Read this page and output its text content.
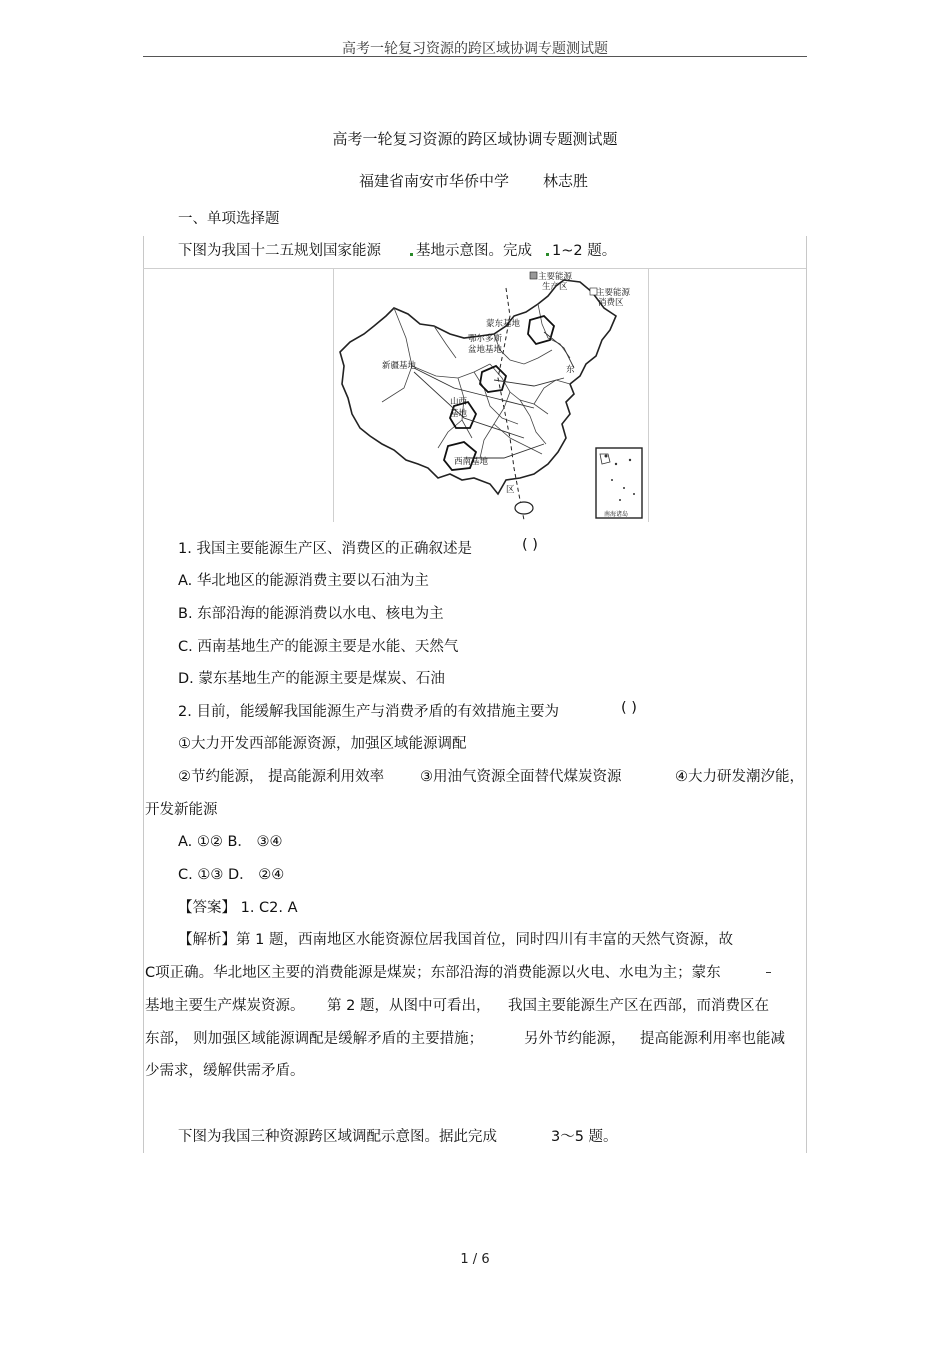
高考一轮复习资源的跨区域协调专题测试题
高考一轮复习资源的跨区域协调专题测试题
福建省南安市华侨中学 林志胜
一、单项选择题
下图为我国十二五规划国家能源 基地示意图。完成 1~2 题。
主要能源
生产区
主要能源
消费区
蒙东基地
鄂尔多斯
盆地基地
新疆基地
山西
基地
西南基地
东
区
南海诸岛
1. 我国主要能源生产区、消费区的正确叙述是	( )
A. 华北地区的能源消费主要以石油为主
B. 东部沿海的能源消费以水电、核电为主
C. 西南基地生产的能源主要是水能、天然气
D. 蒙东基地生产的能源主要是煤炭、石油
2. 目前，能缓解我国能源生产与消费矛盾的有效措施主要为	( )
①大力开发西部能源资源，加强区域能源调配
②节约能源， 提高能源利用效率 ③用油气资源全面替代煤炭资源	④大力研发潮汐能，
开发新能源
A. ①② B． ③④
C. ①③ D． ②④
【答案】 1. C2. A
【解析】第 1 题，西南地区水能资源位居我国首位，同时四川有丰富的天然气资源，故
C项正确。华北地区主要的消费能源是煤炭；东部沿海的消费能源以火电、水电为主；蒙东
基地主要生产煤炭资源。 第 2 题，从图中可看出， 我国主要能源生产区在西部，而消费区在
东部， 则加强区域能源调配是缓解矛盾的主要措施；	另外节约能源， 提高能源利用率也能减
少需求，缓解供需矛盾。
下图为我国三种资源跨区域调配示意图。据此完成	3～5 题。
1 / 6
